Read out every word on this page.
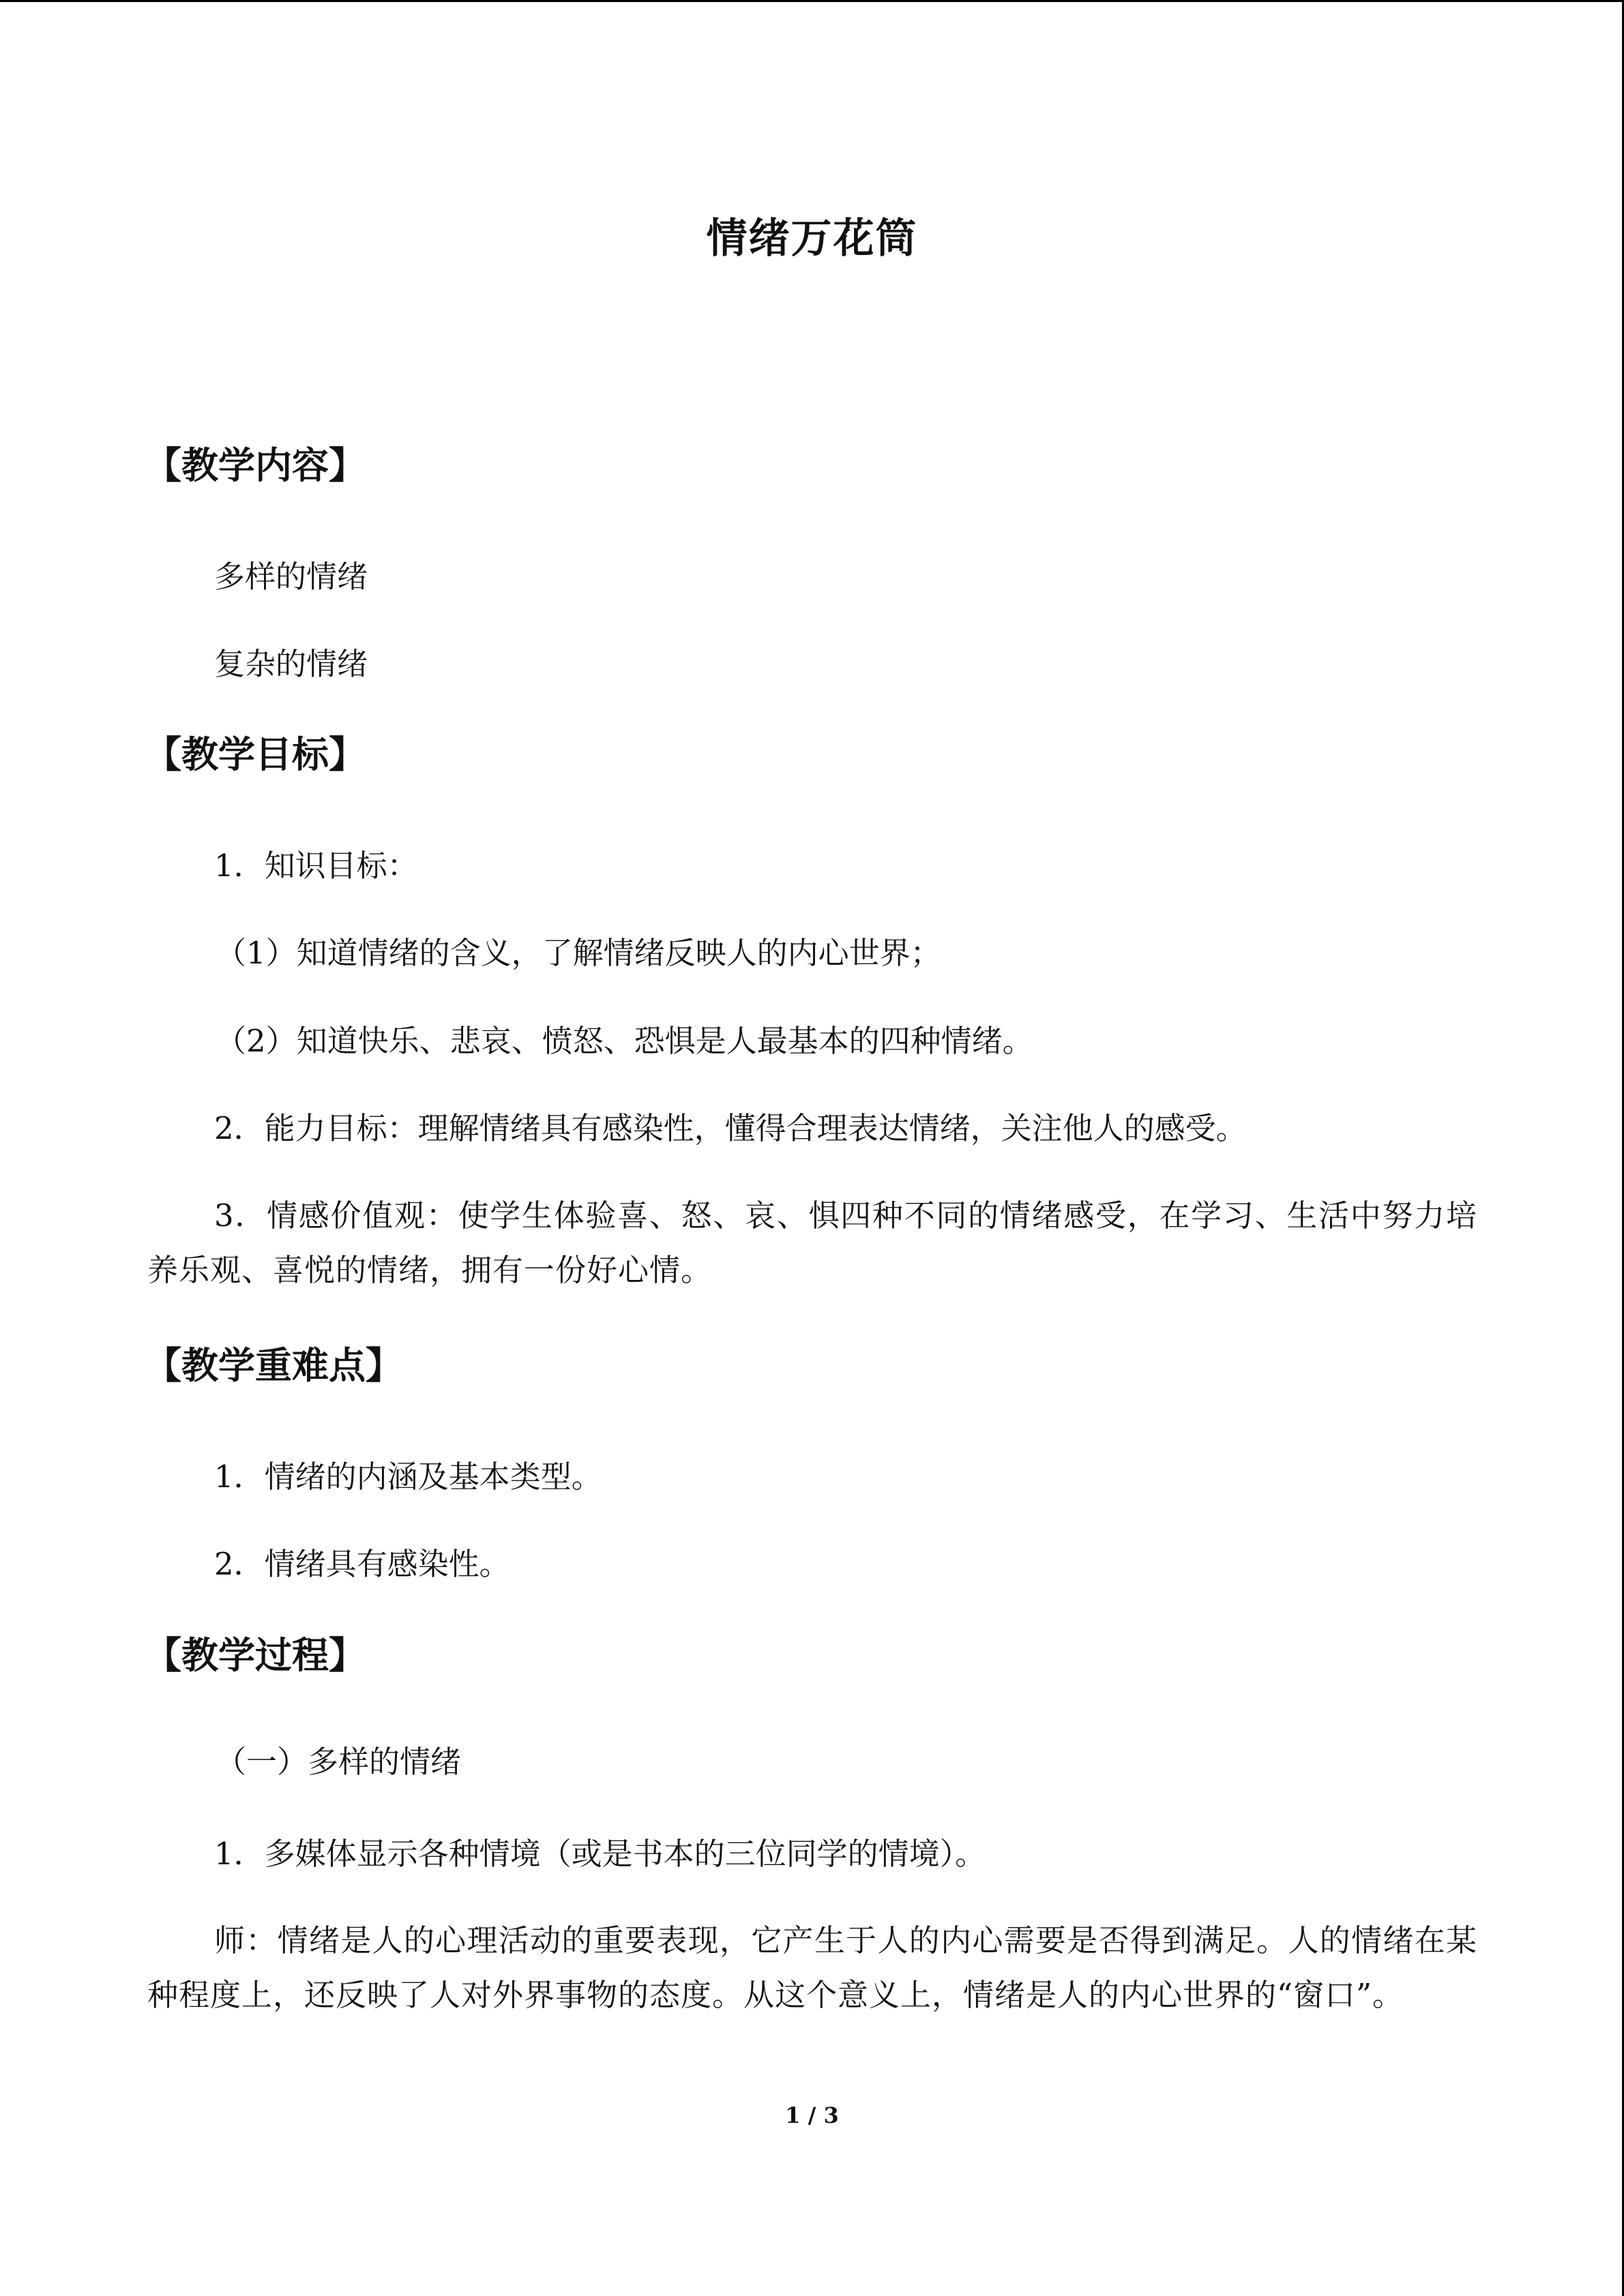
情绪万花筒
【教学内容】
多样的情绪
复杂的情绪
【教学目标】
1．知识目标：
（1）知道情绪的含义，了解情绪反映人的内心世界；
（2）知道快乐、悲哀、愤怒、恐惧是人最基本的四种情绪。
2．能力目标：理解情绪具有感染性，懂得合理表达情绪，关注他人的感受。
3．情感价值观：使学生体验喜、怒、哀、惧四种不同的情绪感受，在学习、生活中努力培养乐观、喜悦的情绪，拥有一份好心情。
【教学重难点】
1．情绪的内涵及基本类型。
2．情绪具有感染性。
【教学过程】
（一）多样的情绪
1．多媒体显示各种情境（或是书本的三位同学的情境）。
师：情绪是人的心理活动的重要表现，它产生于人的内心需要是否得到满足。人的情绪在某种程度上，还反映了人对外界事物的态度。从这个意义上，情绪是人的内心世界的“窗口”。
1 / 3
